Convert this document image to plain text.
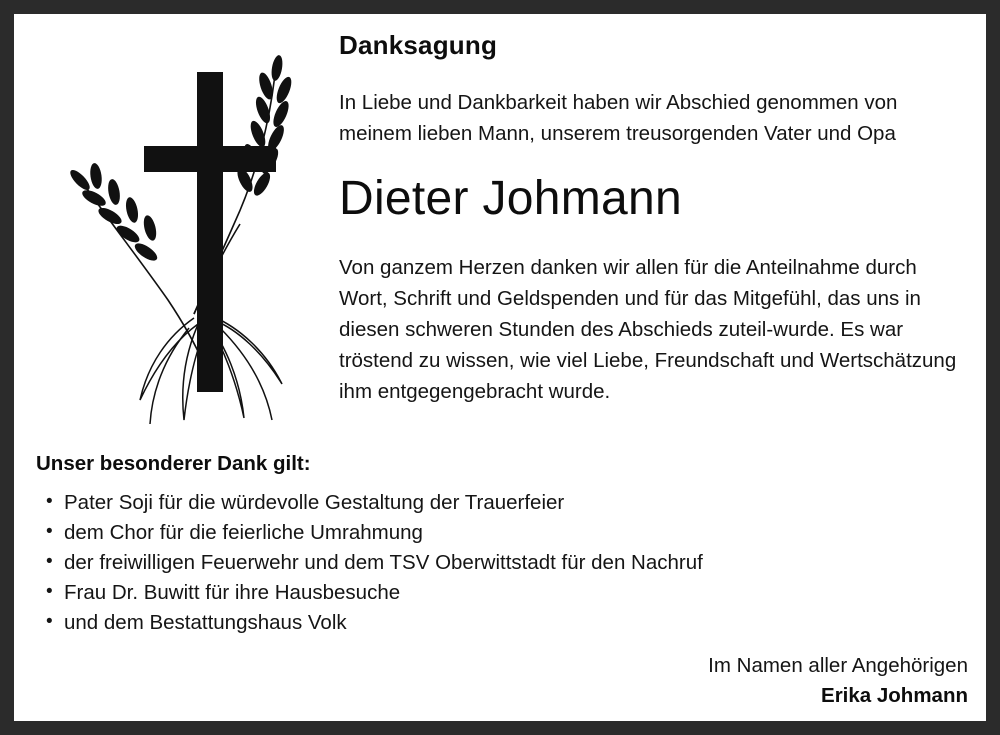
Danksagung

In Liebe und Dankbarkeit haben wir Abschied genommen von meinem lieben Mann, unserem treusorgenden Vater und Opa

Dieter Johmann

Von ganzem Herzen danken wir allen für die Anteilnahme durch Wort, Schrift und Geldspenden und für das Mitgefühl, das uns in diesen schweren Stunden des Abschieds zuteil-wurde. Es war tröstend zu wissen, wie viel Liebe, Freundschaft und Wertschätzung ihm entgegengebracht wurde.

Unser besonderer Dank gilt:
• Pater Soji für die würdevolle Gestaltung der Trauerfeier
• dem Chor für die feierliche Umrahmung
• der freiwilligen Feuerwehr und dem TSV Oberwittstadt für den Nachruf
• Frau Dr. Buwitt für ihre Hausbesuche
• und dem Bestattungshaus Volk

Im Namen aller Angehörigen

Erika Johmann
